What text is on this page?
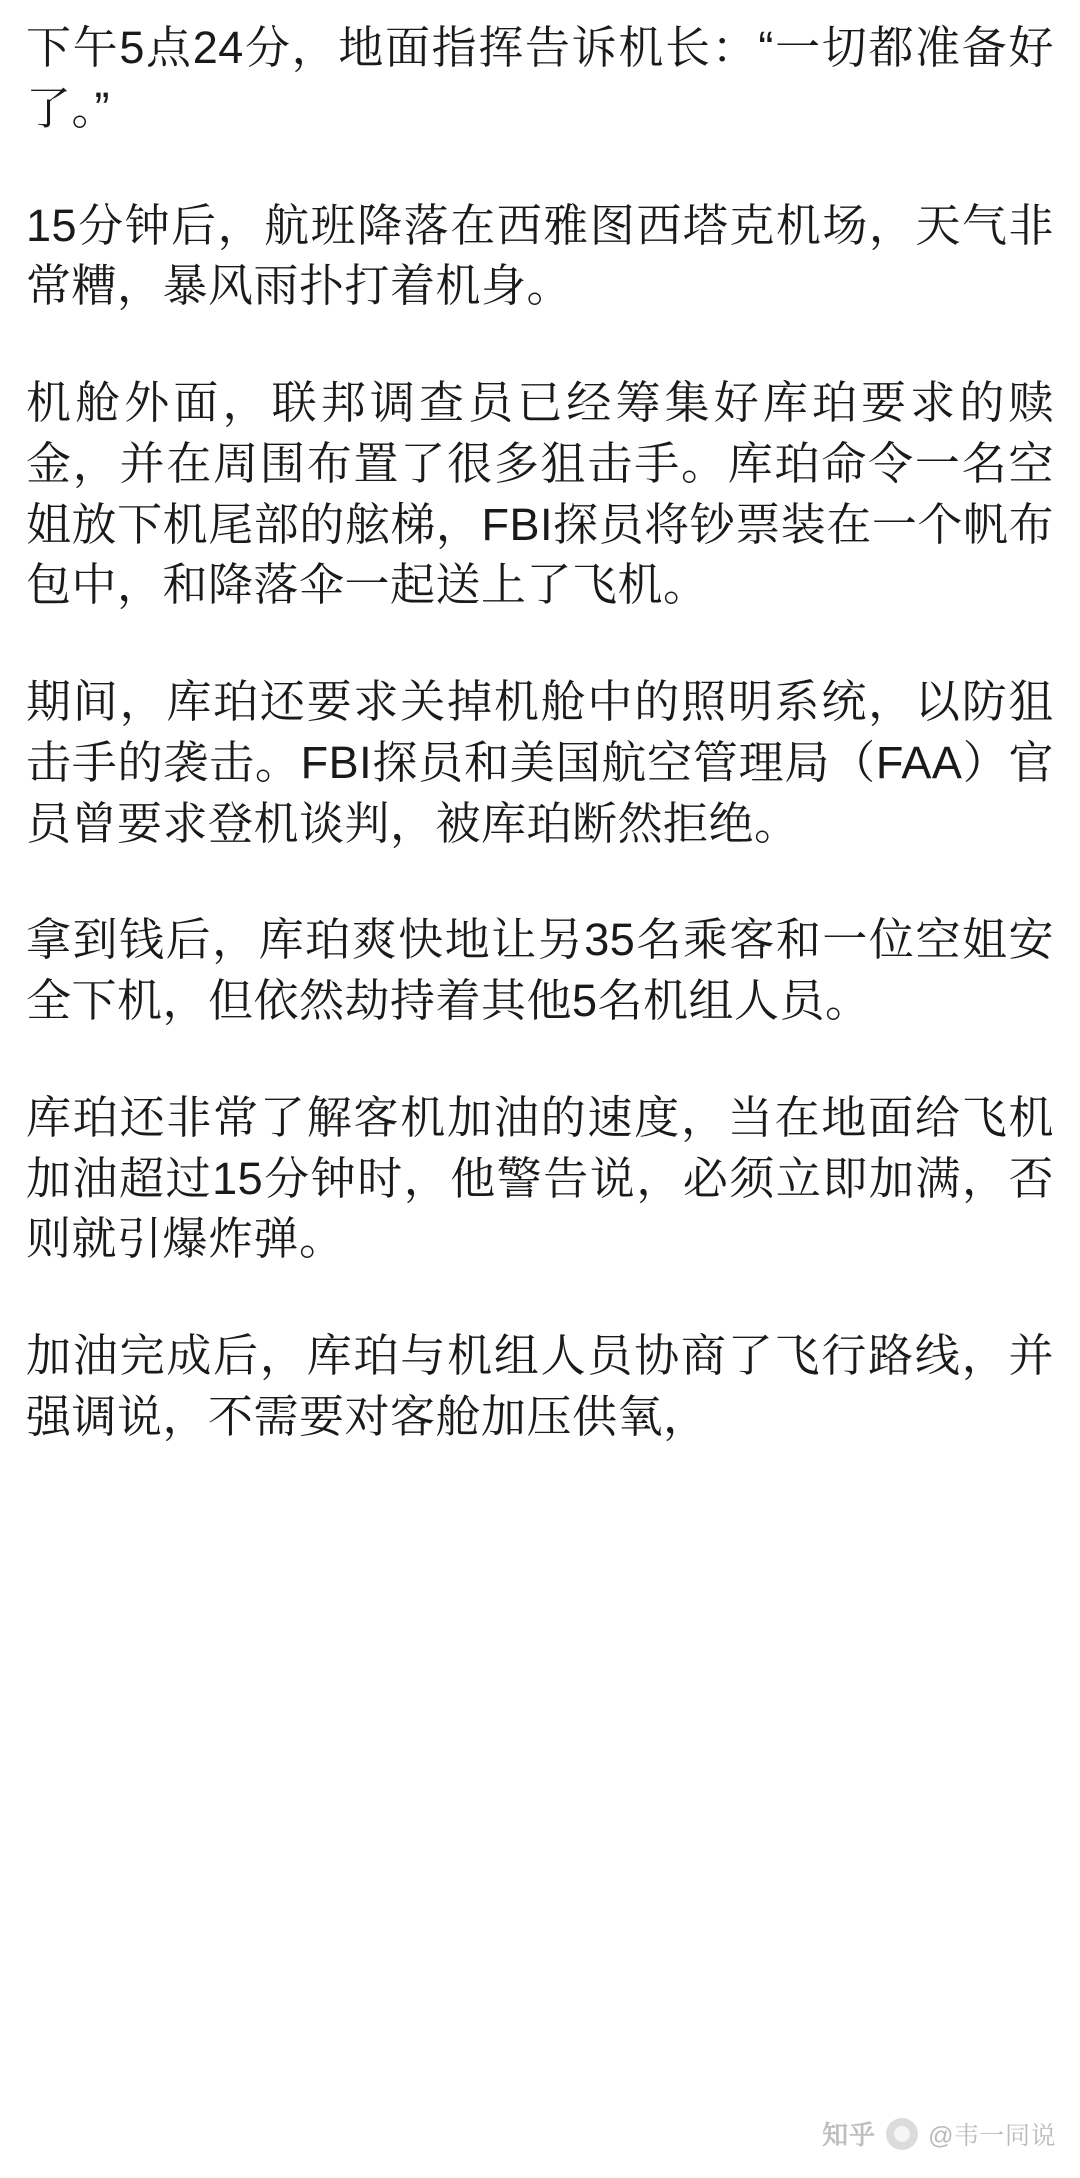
下午5点24分，地面指挥告诉机长：“一切都准备好了。”

15分钟后，航班降落在西雅图西塔克机场，天气非常糟，暴风雨扑打着机身。

机舱外面，联邦调查员已经筹集好库珀要求的赎金，并在周围布置了很多狙击手。库珀命令一名空姐放下机尾部的舷梯，FBI探员将钞票装在一个帆布包中，和降落伞一起送上了飞机。

期间，库珀还要求关掉机舱中的照明系统，以防狙击手的袭击。FBI探员和美国航空管理局（FAA）官员曾要求登机谈判，被库珀断然拒绝。

拿到钱后，库珀爽快地让另35名乘客和一位空姐安全下机，但依然劫持着其他5名机组人员。

库珀还非常了解客机加油的速度，当在地面给飞机加油超过15分钟时，他警告说，必须立即加满，否则就引爆炸弹。

加油完成后，库珀与机组人员协商了飞行路线，并强调说，不需要对客舱加压供氧，

知乎 @韦一同说
